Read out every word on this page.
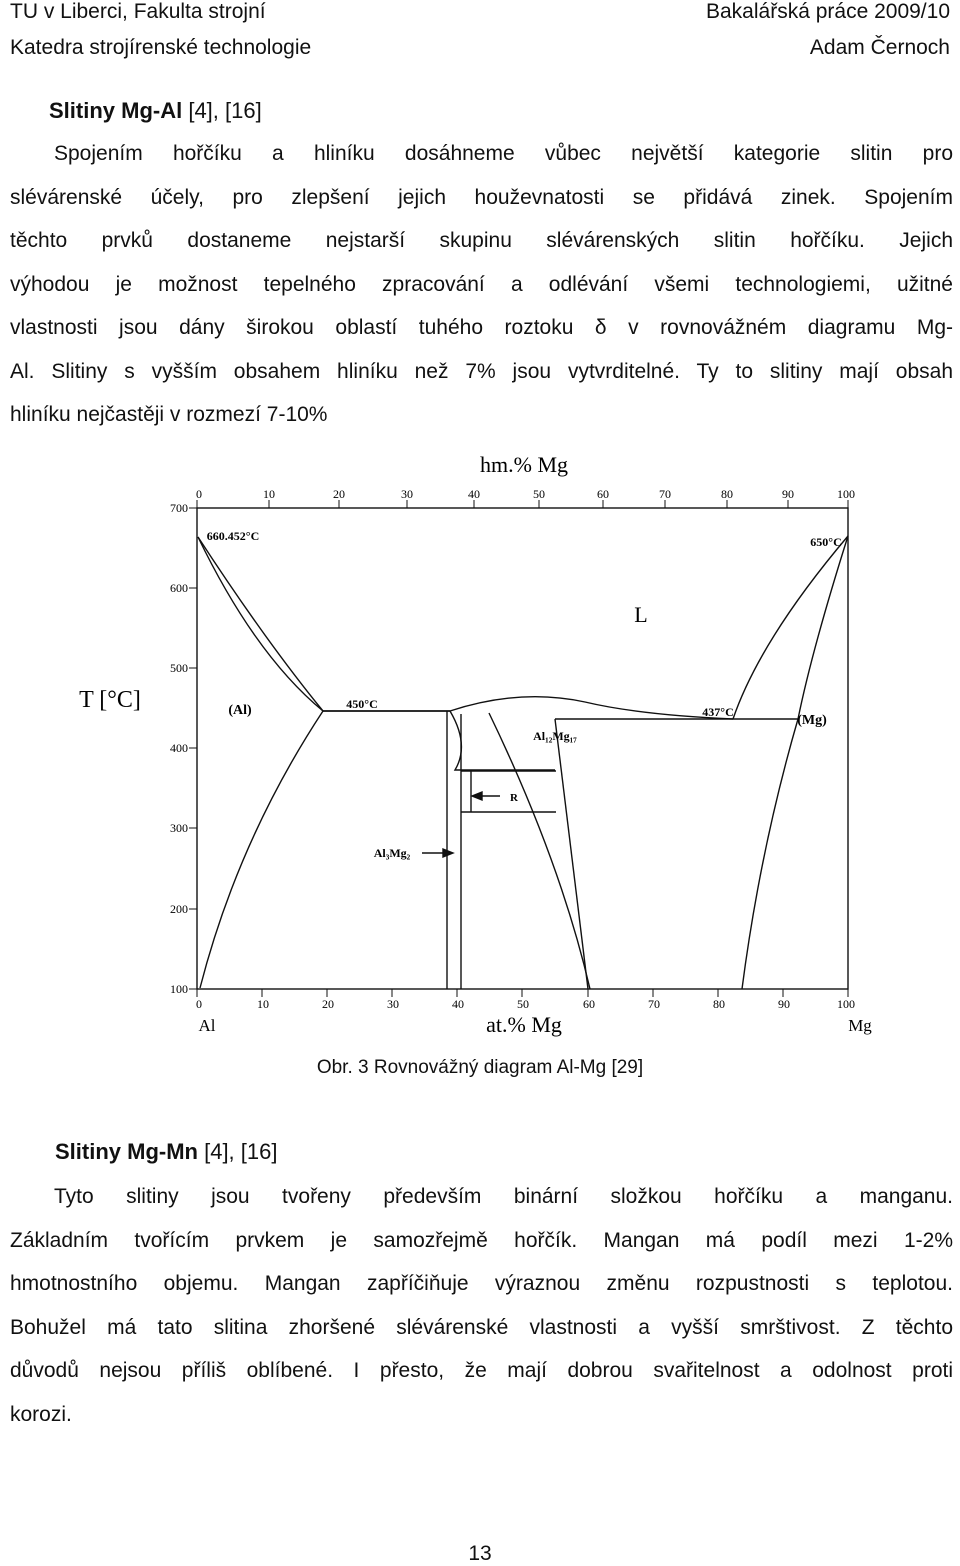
TU v Liberci, Fakulta strojní
Katedra strojírenské technologie
Bakalářská práce 2009/10
Adam Černoch
Slitiny Mg-Al [4], [16]
Spojením hořčíku a hliníku dosáhneme vůbec největší kategorie slitin pro
slévárenské účely, pro zlepšení jejich houževnatosti se přidává zinek. Spojením
těchto prvků dostaneme nejstarší skupinu slévárenských slitin hořčíku. Jejich
výhodou je možnost tepelného zpracování a odlévání všemi technologiemi, užitné
vlastnosti jsou dány širokou oblastí tuhého roztoku δ v rovnovážném diagramu Mg-
Al. Slitiny s vyšším obsahem hliníku než 7% jsou vytvrditelné. Ty to slitiny mají obsah
hliníku nejčastěji v rozmezí 7-10%
hm.% Mg
at.% Mg
T [°C]
0	10	20	30	40	50	60	70	80	90	100
0	10	20	30	40	50	60	70	80	90	100
700
600
500
400
300
200
100
Al	Mg
660.452°C	650°C
L
(Al)
(Mg)
450°C
437°C
R
Al₁₂Mg₁₇
Al₃Mg₂
Obr. 3 Rovnovážný diagram Al-Mg [29]
Slitiny Mg-Mn [4], [16]
Tyto slitiny jsou tvořeny především binární složkou hořčíku a manganu.
Základním tvořícím prvkem je samozřejmě hořčík. Mangan má podíl mezi 1-2%
hmotnostního objemu. Mangan zapříčiňuje výraznou změnu rozpustnosti s teplotou.
Bohužel má tato slitina zhoršené slévárenské vlastnosti a vyšší smrštivost. Z těchto
důvodů nejsou příliš oblíbené. I přesto, že mají dobrou svařitelnost a odolnost proti
korozi.
13
